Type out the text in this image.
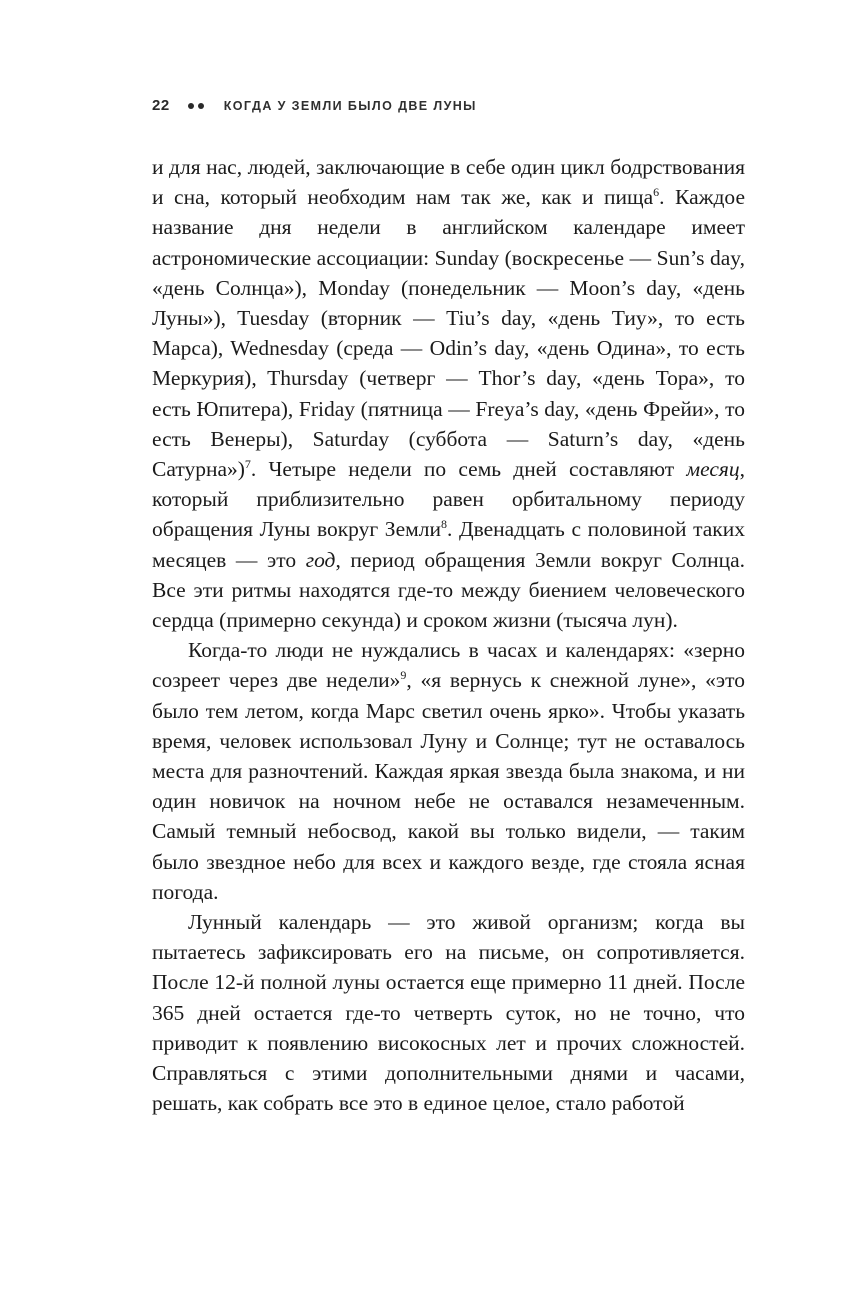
22	КОГДА У ЗЕМЛИ БЫЛО ДВЕ ЛУНЫ

и для нас, людей, заключающие в себе один цикл бодрствования и сна, который необходим нам так же, как и пища$^6$. Каждое название дня недели в английском календаре имеет астрономические ассоциации: Sunday (воскресенье — Sun’s day, «день Солнца»), Monday (понедельник — Moon’s day, «день Луны»), Tuesday (вторник — Tiu’s day, «день Тиу», то есть Марса), Wednesday (среда — Odin’s day, «день Одина», то есть Меркурия), Thursday (четверг — Thor’s day, «день Тора», то есть Юпитера), Friday (пятница — Freya’s day, «день Фрейи», то есть Венеры), Saturday (суббота — Saturn’s day, «день Сатурна»)$^7$. Четыре недели по семь дней составляют месяц, который приблизительно равен орбитальному периоду обращения Луны вокруг Земли$^8$. Двенадцать с половиной таких месяцев — это год, период обращения Земли вокруг Солнца. Все эти ритмы находятся где-то между биением человеческого сердца (примерно секунда) и сроком жизни (тысяча лун).

Когда-то люди не нуждались в часах и календарях: «зерно созреет через две недели»$^9$, «я вернусь к снежной луне», «это было тем летом, когда Марс светил очень ярко». Чтобы указать время, человек использовал Луну и Солнце; тут не оставалось места для разночтений. Каждая яркая звезда была знакома, и ни один новичок на ночном небе не оставался незамеченным. Самый темный небосвод, какой вы только видели, — таким было звездное небо для всех и каждого везде, где стояла ясная погода.

Лунный календарь — это живой организм; когда вы пытаетесь зафиксировать его на письме, он сопротивляется. После 12-й полной луны остается еще примерно 11 дней. После 365 дней остается где-то четверть суток, но не точно, что приводит к появлению високосных лет и прочих сложностей. Справляться с этими дополнительными днями и часами, решать, как собрать все это в единое целое, стало работой
